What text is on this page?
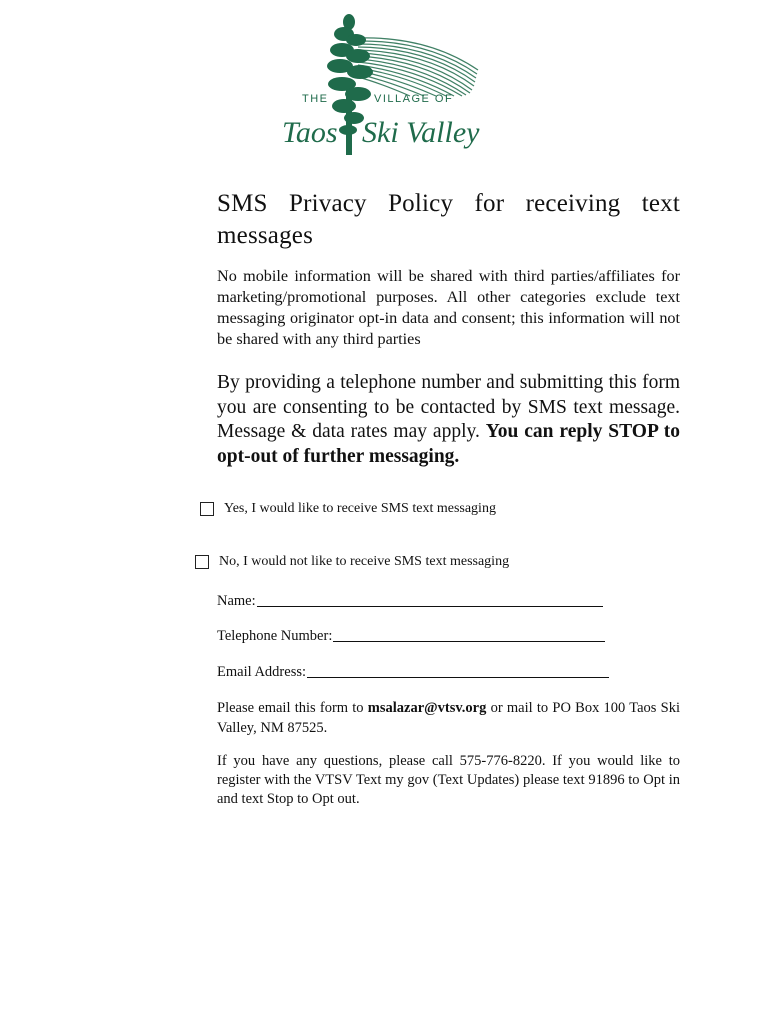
THE	VILLAGE OF
Taos Ski Valley
SMS Privacy Policy for receiving text messages
No mobile information will be shared with third parties/affiliates for marketing/promotional purposes. All other categories exclude text messaging originator opt-in data and consent; this information will not be shared with any third parties
By providing a telephone number and submitting this form you are consenting to be contacted by SMS text message. Message & data rates may apply. You can reply STOP to opt-out of further messaging.
Yes, I would like to receive SMS text messaging
No, I would not like to receive SMS text messaging
Name:
Telephone Number:
Email Address:
Please email this form to msalazar@vtsv.org or mail to PO Box 100 Taos Ski Valley, NM 87525.
If you have any questions, please call 575-776-8220. If you would like to register with the VTSV Text my gov (Text Updates) please text 91896 to Opt in and text Stop to Opt out.
